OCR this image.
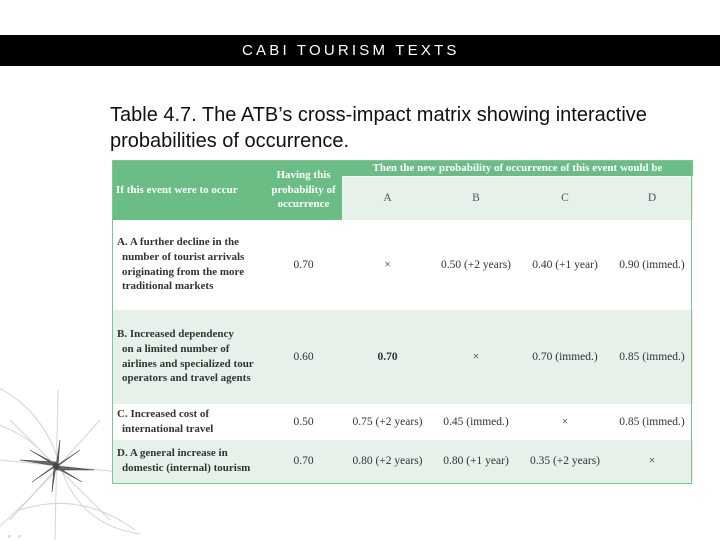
CABI TOURISM TEXTS
Table 4.7. The ATB’s cross-impact matrix showing interactive probabilities of occurrence.
If this event were to occur	Having this probability of occurrence	Then the new probability of occurrence of this event would be			
		A	B	C	D
A. A further decline in the
number of tourist arrivals originating from the more traditional markets	0.70	×	0.50 (+2 years)	0.40 (+1 year)	0.90 (immed.)
B. Increased dependency
on a limited number of airlines and specialized tour operators and travel agents	0.60	0.70	×	0.70 (immed.)	0.85 (immed.)
C. Increased cost of
international travel	0.50	0.75 (+2 years)	0.45 (immed.)	×	0.85 (immed.)
D. A general increase in
domestic (internal) tourism	0.70	0.80 (+2 years)	0.80 (+1 year)	0.35 (+2 years)	×
